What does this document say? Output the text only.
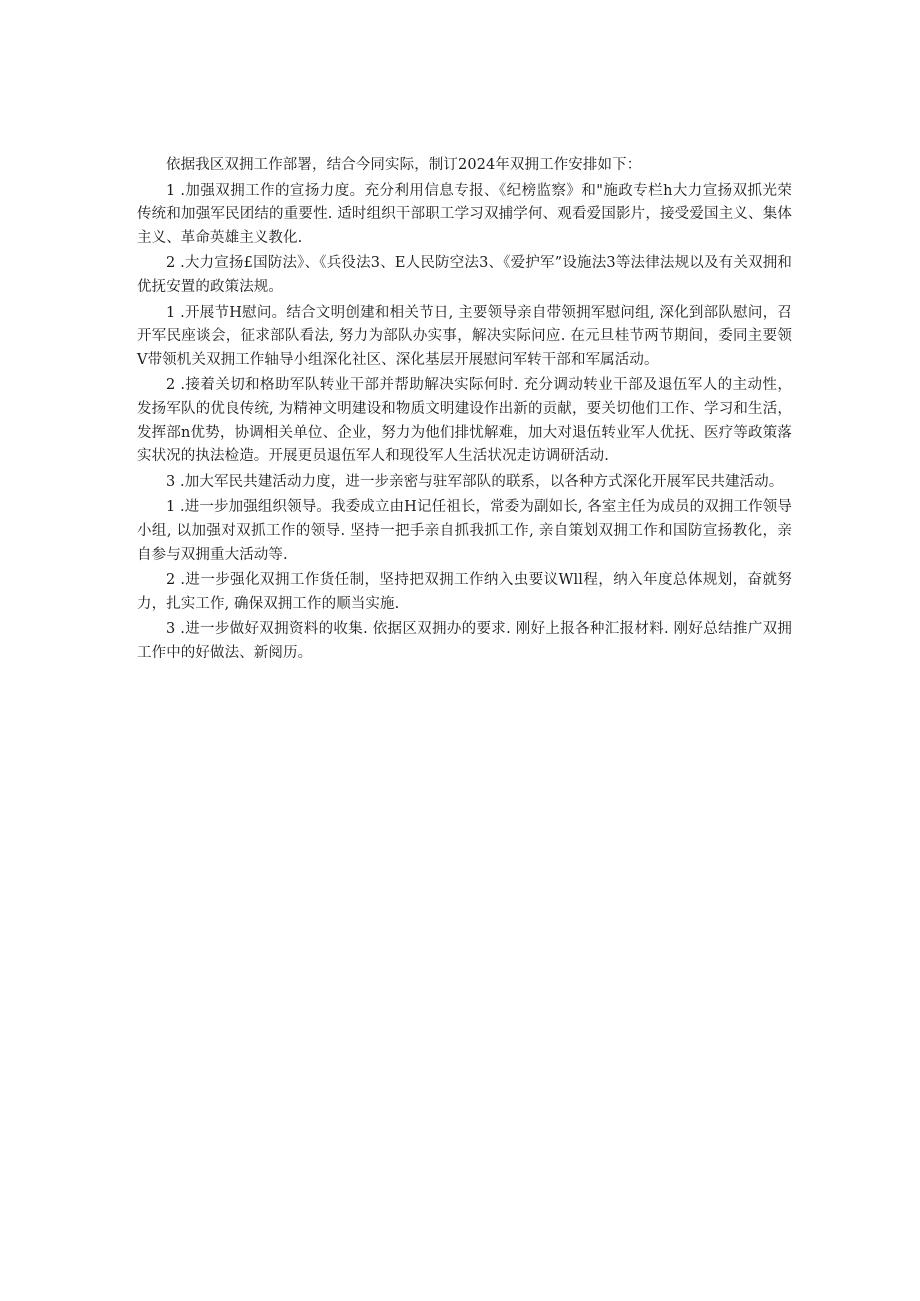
依据我区双拥工作部署，结合今同实际，制订2024年双拥工作安排如下：

1 .加强双拥工作的宣扬力度。充分利用信息专报、《纪榜监察》和"施政专栏h大力宣扬双抓光荣传统和加强军民团结的重要性. 适时组织干部职工学习双捕学何、观看爱国影片，接受爱国主义、集体主义、革命英雄主义教化.

2 .大力宣扬£国防法》、《兵役法3、E人民防空法3、《爱护军”设施法3等法律法规以及有关双拥和优抚安置的政策法规。

1 .开展节H慰问。结合文明创建和相关节日, 主要领导亲自带领拥军慰问组, 深化到部队慰问，召开军民座谈会，征求部队看法, 努力为部队办实事，解决实际问应. 在元旦桂节两节期间，委同主要领V带领机关双拥工作轴导小组深化社区、深化基层开展慰问军转干部和军属活动。

2 .接着关切和格助军队转业干部并帮助解决实际何时. 充分调动转业干部及退伍军人的主动性，发扬军队的优良传统, 为精神文明建设和物质文明建设作出新的贡献，要关切他们工作、学习和生活，发挥部n优势，协调相关单位、企业，努力为他们排忧解难，加大对退伍转业军人优抚、医疗等政策落实状况的执法检造。开展更员退伍军人和现役军人生活状况走访调研活动.

3 .加大军民共建活动力度，进一步亲密与驻军部队的联系，以各种方式深化开展军民共建活动。

1 .进一步加强组织领导。我委成立由H记任祖长，常委为副如长, 各室主任为成员的双拥工作领导小组, 以加强对双抓工作的领导. 坚持一把手亲自抓我抓工作, 亲自策划双拥工作和国防宣扬教化，亲自参与双拥重大活动等.

2 .进一步强化双拥工作货任制，坚持把双拥工作纳入虫要议Wll程，纳入年度总体规划，奋就努力，扎实工作, 确保双拥工作的顺当实施.

3 .进一步做好双拥资料的收集. 依据区双拥办的要求. 刚好上报各种汇报材料. 刚好总结推广双拥工作中的好做法、新阅历。
